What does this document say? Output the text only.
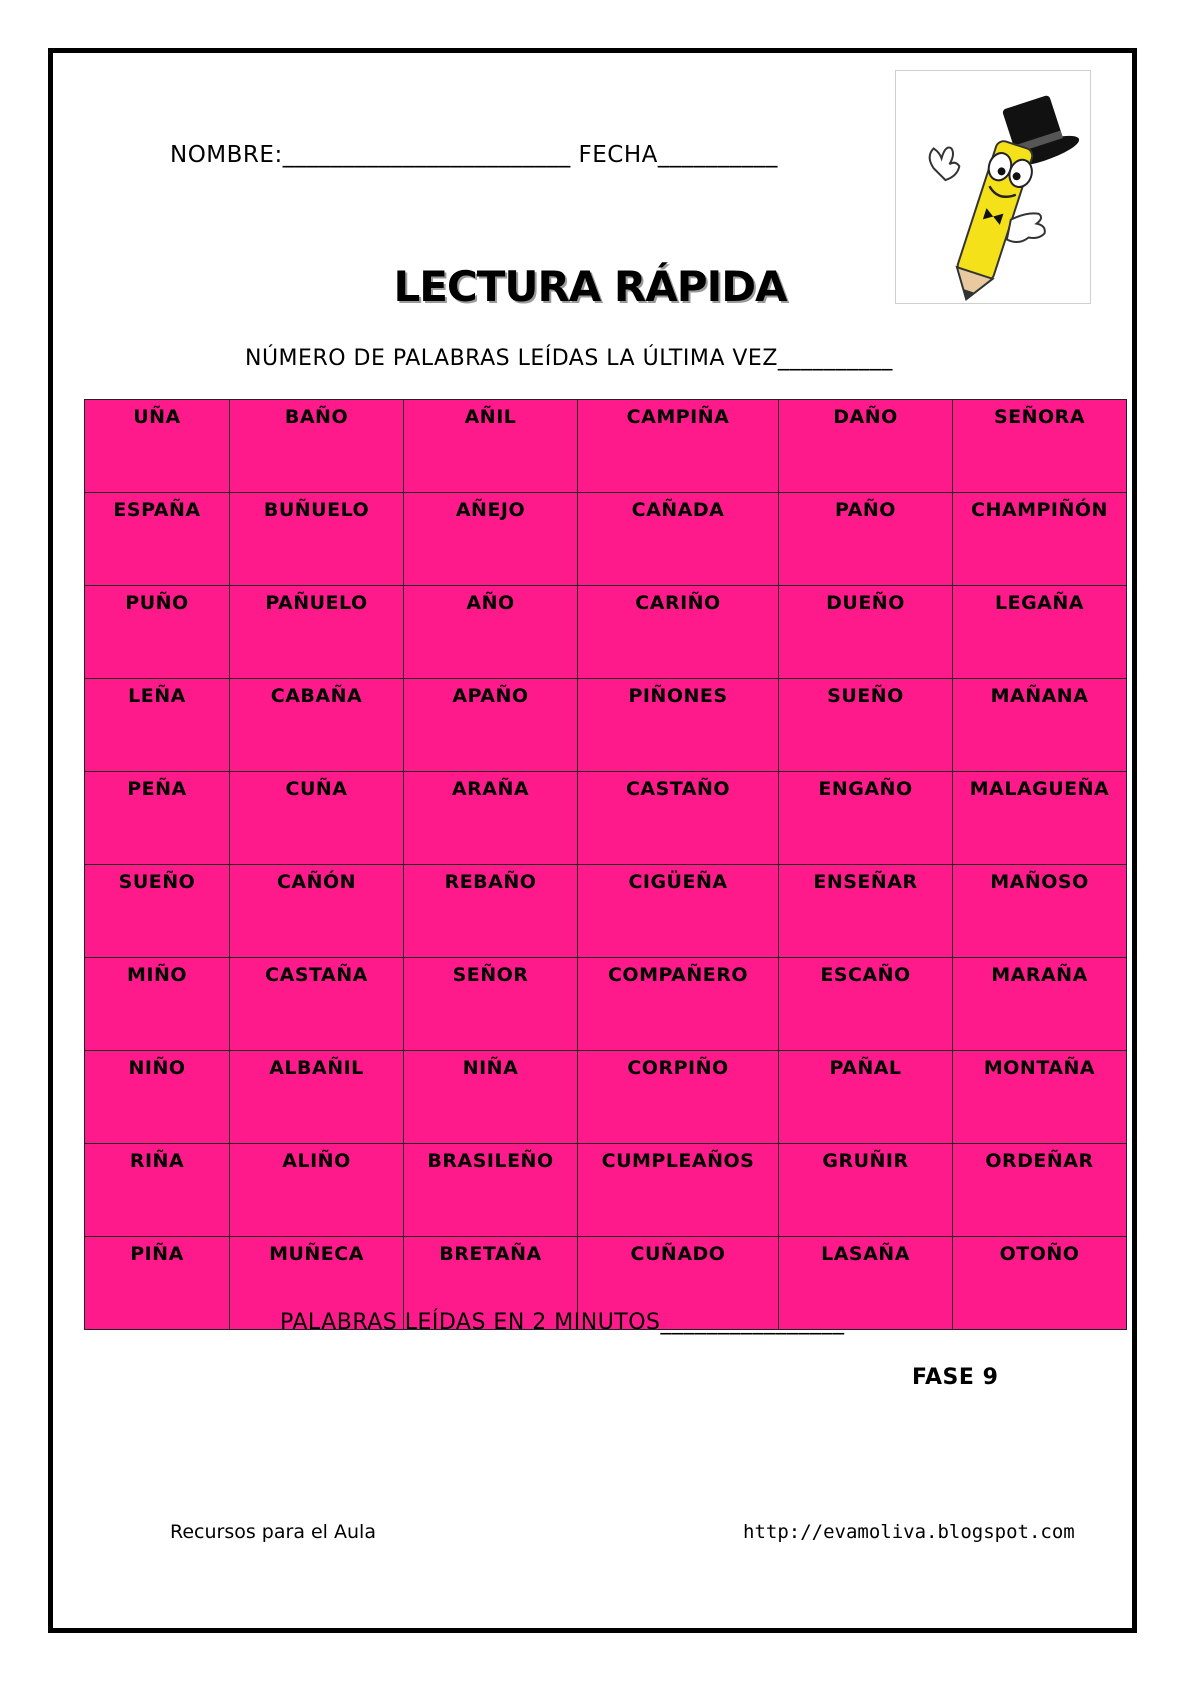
NOMBRE:________________________ FECHA__________
LECTURA RÁPIDA
NÚMERO DE PALABRAS LEÍDAS LA ÚLTIMA VEZ__________
UÑA	BAÑO	AÑIL	CAMPIÑA	DAÑO	SEÑORA
ESPAÑA	BUÑUELO	AÑEJO	CAÑADA	PAÑO	CHAMPIÑÓN
PUÑO	PAÑUELO	AÑO	CARIÑO	DUEÑO	LEGAÑA
LEÑA	CABAÑA	APAÑO	PIÑONES	SUEÑO	MAÑANA
PEÑA	CUÑA	ARAÑA	CASTAÑO	ENGAÑO	MALAGUEÑA
SUEÑO	CAÑÓN	REBAÑO	CIGÜEÑA	ENSEÑAR	MAÑOSO
MIÑO	CASTAÑA	SEÑOR	COMPAÑERO	ESCAÑO	MARAÑA
NIÑO	ALBAÑIL	NIÑA	CORPIÑO	PAÑAL	MONTAÑA
RIÑA	ALIÑO	BRASILEÑO	CUMPLEAÑOS	GRUÑIR	ORDEÑAR
PIÑA	MUÑECA	BRETAÑA	CUÑADO	LASAÑA	OTOÑO
PALABRAS LEÍDAS EN 2 MINUTOS________________
FASE 9
Recursos para el Aula	http://evamoliva.blogspot.com
